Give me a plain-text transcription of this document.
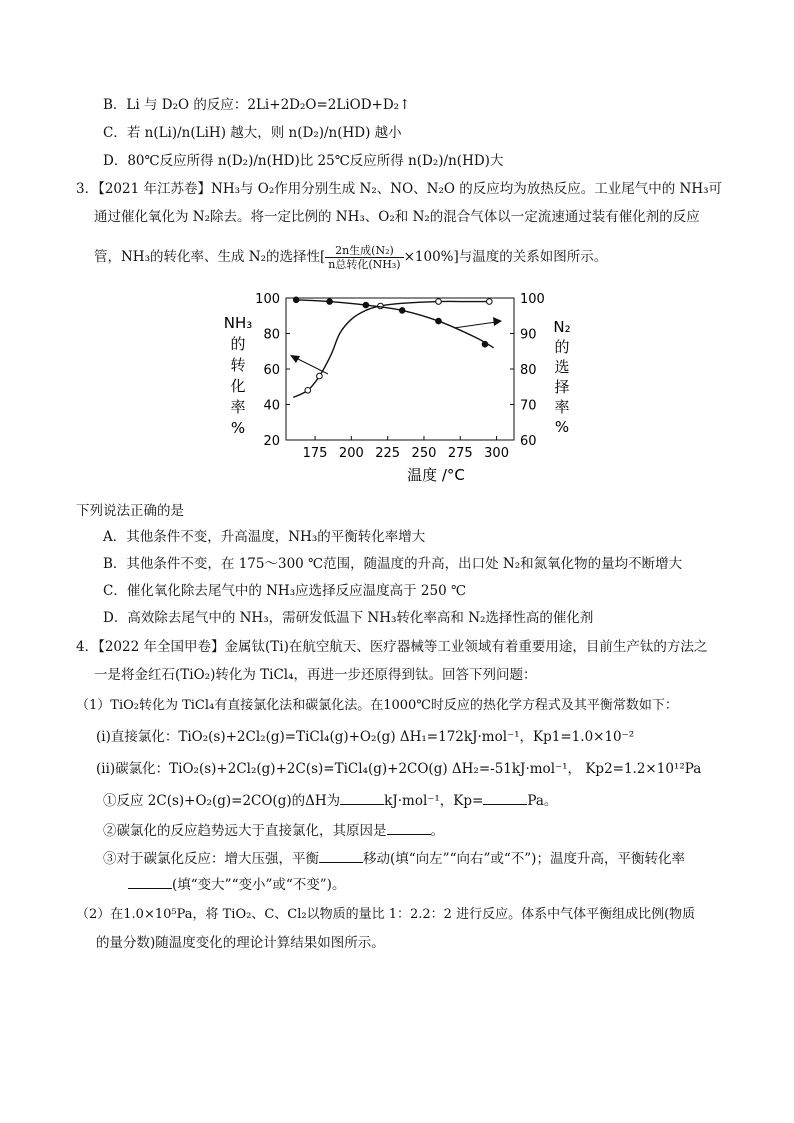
B．Li 与 D₂O 的反应：2Li+2D₂O=2LiOD+D₂↑
C．若 n(Li)/n(LiH) 越大，则 n(D₂)/n(HD) 越小
D．80℃反应所得 n(D₂)/n(HD)比 25℃反应所得 n(D₂)/n(HD)大
3．【2021 年江苏卷】NH₃与 O₂作用分别生成 N₂、NO、N₂O 的反应均为放热反应。工业尾气中的 NH₃可
通过催化氧化为 N₂除去。将一定比例的 NH₃、O₂和 N₂的混合气体以一定流速通过装有催化剂的反应
管，NH₃的转化率、生成 N₂的选择性[ $\frac{\text{2n生成(N₂)}}{\text{n总转化(NH₃)}} \times 100\%$]与温度的关系如图所示。
175 200 225 250 275 300
20
40
60
80
100
60
70
80
90
100
温度 /°C
NH₃
的
转
化
率
%
N₂
的
选
择
率
%
下列说法正确的是
A．其他条件不变，升高温度，NH₃的平衡转化率增大
B．其他条件不变，在 175～300 ℃范围，随温度的升高，出口处 N₂和氮氧化物的量均不断增大
C．催化氧化除去尾气中的 NH₃应选择反应温度高于 250 ℃
D．高效除去尾气中的 NH₃，需研发低温下 NH₃转化率高和 N₂选择性高的催化剂
4．【2022 年全国甲卷】金属钛(Ti)在航空航天、医疗器械等工业领域有着重要用途，目前生产钛的方法之
一是将金红石(TiO₂)转化为 TiCl₄，再进一步还原得到钛。回答下列问题：
（1）TiO₂转化为 TiCl₄有直接氯化法和碳氯化法。在1000℃时反应的热化学方程式及其平衡常数如下：
(ⅰ)直接氯化：TiO₂(s)+2Cl₂(g)=TiCl₄(g)+O₂(g) ΔH₁=172kJ·mol⁻¹，Kp1=1.0×10⁻²
(ⅱ)碳氯化：TiO₂(s)+2Cl₂(g)+2C(s)=TiCl₄(g)+2CO(g) ΔH₂=-51kJ·mol⁻¹， Kp2=1.2×10¹²Pa
①反应 2C(s)+O₂(g)=2CO(g)的ΔH为	kJ·mol⁻¹，Kp=	Pa。
②碳氯化的反应趋势远大于直接氯化，其原因是	。
③对于碳氯化反应：增大压强，平衡	移动(填“向左”“向右”或“不”)；温度升高，平衡转化率
(填“变大”“变小”或“不变”)。
（2）在1.0×10⁵Pa，将 TiO₂、C、Cl₂以物质的量比 1：2.2：2 进行反应。体系中气体平衡组成比例(物质
的量分数)随温度变化的理论计算结果如图所示。
